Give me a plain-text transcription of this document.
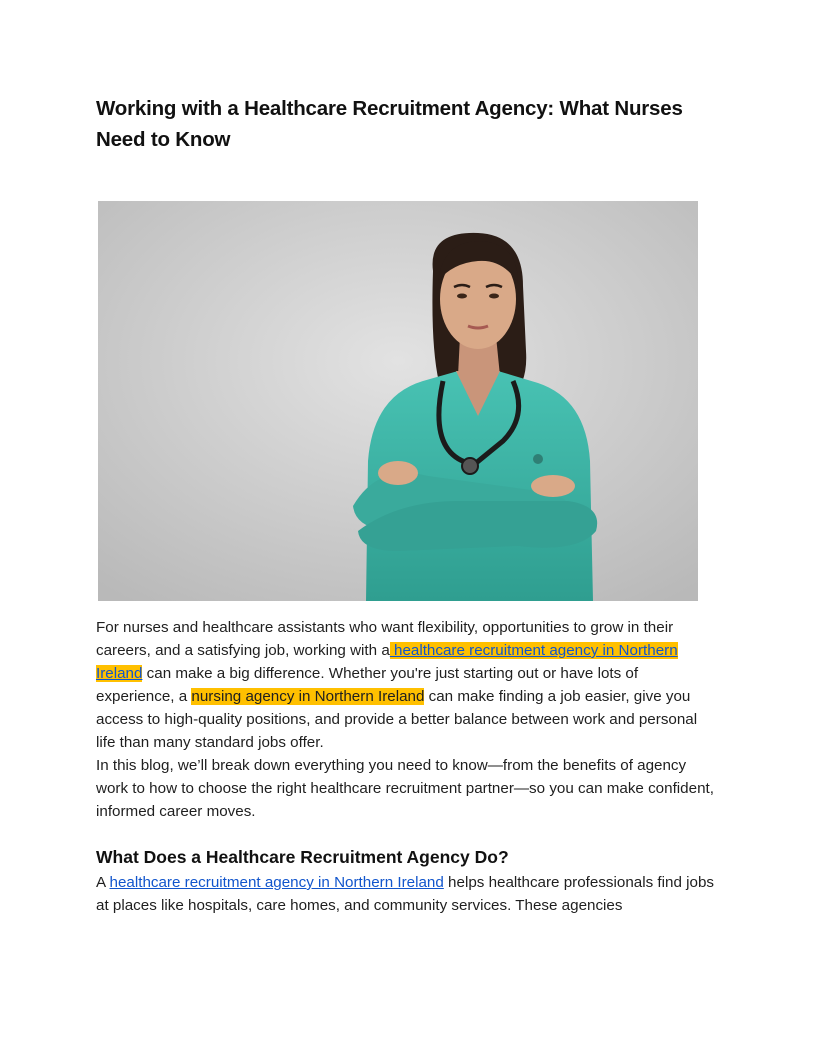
Working with a Healthcare Recruitment Agency: What Nurses Need to Know

For nurses and healthcare assistants who want flexibility, opportunities to grow in their careers, and a satisfying job, working with a healthcare recruitment agency in Northern Ireland can make a big difference. Whether you're just starting out or have lots of experience, a nursing agency in Northern Ireland can make finding a job easier, give you access to high-quality positions, and provide a better balance between work and personal life than many standard jobs offer.

In this blog, we’ll break down everything you need to know—from the benefits of agency work to how to choose the right healthcare recruitment partner—so you can make confident, informed career moves.

What Does a Healthcare Recruitment Agency Do?

A healthcare recruitment agency in Northern Ireland helps healthcare professionals find jobs at places like hospitals, care homes, and community services. These agencies
